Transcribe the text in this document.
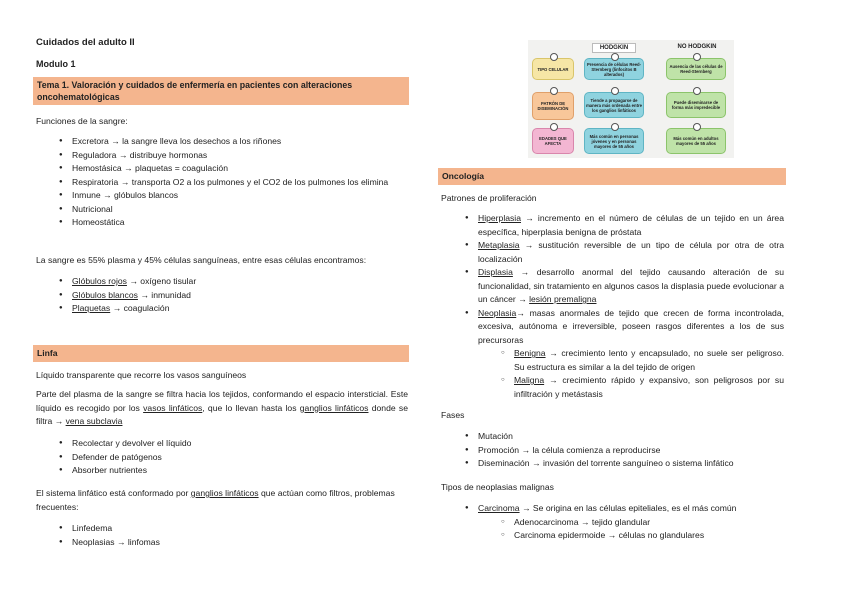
Cuidados del adulto II
Modulo 1
Tema 1. Valoración y cuidados de enfermería en pacientes con alteraciones oncohematológicas
Funciones de la sangre:
● Excretora → la sangre lleva los desechos a los riñones
● Reguladora → distribuye hormonas
● Hemostásica → plaquetas = coagulación
● Respiratoria → transporta O2 a los pulmones y el CO2 de los pulmones los elimina
● Inmune → glóbulos blancos
● Nutricional
● Homeostática
La sangre es 55% plasma y 45% células sanguíneas, entre esas células encontramos:
● Glóbulos rojos → oxígeno tisular
● Glóbulos blancos → inmunidad
● Plaquetas → coagulación
Linfa
Líquido transparente que recorre los vasos sanguíneos

Parte del plasma de la sangre se filtra hacia los tejidos, conformando el espacio intersticial. Este líquido es recogido por los vasos linfáticos, que lo llevan hasta los ganglios linfáticos donde se filtra → vena subclavia

● Recolectar y devolver el líquido
● Defender de patógenos
● Absorber nutrientes

El sistema linfático está conformado por ganglios linfáticos que actúan como filtros, problemas frecuentes:

● Linfedema
● Neoplasias → linfomas
HODGKIN	NO HODGKIN
TIPO CELULAR
Presencia de células Reed-Sternberg (linfocitos B alterados)
Ausencia de las células de Reed-Sternberg
PATRÓN DE DISEMINACIÓN
Tiende a propagarse de manera más ordenada entre los ganglios linfáticos
Puede diseminarse de forma más impredecible
EDADES QUE AFECTA
Más común en personas jóvenes y en personas mayores de 55 años
Más común en adultos mayores de 55 años
Oncología
Patrones de proliferación
● Hiperplasia → incremento en el número de células de un tejido en un área específica, hiperplasia benigna de próstata
● Metaplasia → sustitución reversible de un tipo de célula por otra de otra localización
● Displasia → desarrollo anormal del tejido causando alteración de su funcionalidad, sin tratamiento en algunos casos la displasia puede evolucionar a un cáncer → lesión premaligna
● Neoplasia→ masas anormales de tejido que crecen de forma incontrolada, excesiva, autónoma e irreversible, poseen rasgos diferentes a los de sus precursoras
○ Benigna → crecimiento lento y encapsulado, no suele ser peligroso. Su estructura es similar a la del tejido de origen
○ Maligna → crecimiento rápido y expansivo, son peligrosos por su infiltración y metástasis
Fases
● Mutación
● Promoción → la célula comienza a reproducirse
● Diseminación → invasión del torrente sanguíneo o sistema linfático
Tipos de neoplasias malignas
● Carcinoma → Se origina en las células epiteliales, es el más común
○ Adenocarcinoma → tejido glandular
○ Carcinoma epidermoide → células no glandulares
